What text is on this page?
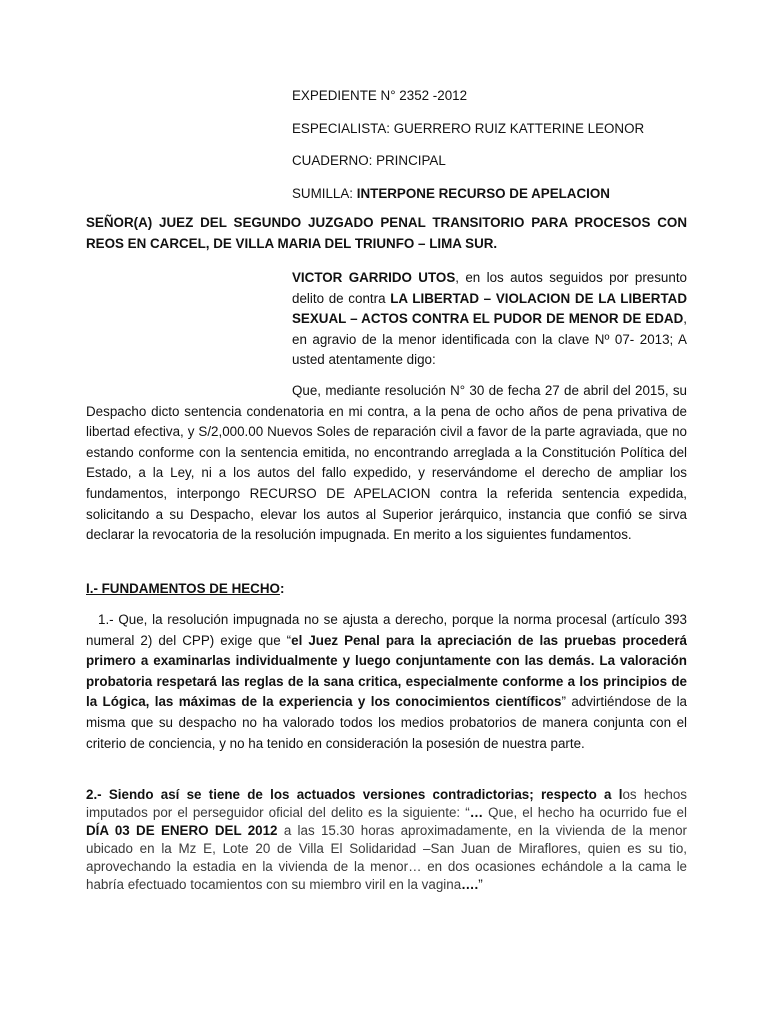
EXPEDIENTE N° 2352 -2012
ESPECIALISTA: GUERRERO RUIZ KATTERINE LEONOR
CUADERNO: PRINCIPAL
SUMILLA: INTERPONE RECURSO DE APELACION
SEÑOR(A) JUEZ DEL SEGUNDO JUZGADO PENAL TRANSITORIO PARA PROCESOS CON REOS EN CARCEL, DE VILLA MARIA DEL TRIUNFO – LIMA SUR.
VICTOR GARRIDO UTOS, en los autos seguidos por presunto delito de contra LA LIBERTAD – VIOLACION DE LA LIBERTAD SEXUAL – ACTOS CONTRA EL PUDOR DE MENOR DE EDAD, en agravio de la menor identificada con la clave Nº 07- 2013; A usted atentamente digo:
Que, mediante resolución N° 30 de fecha 27 de abril del 2015, su Despacho dicto sentencia condenatoria en mi contra, a la pena de ocho años de pena privativa de libertad efectiva, y S/2,000.00 Nuevos Soles de reparación civil a favor de la parte agraviada, que no estando conforme con la sentencia emitida, no encontrando arreglada a la Constitución Política del Estado, a la Ley, ni a los autos del fallo expedido, y reservándome el derecho de ampliar los fundamentos, interpongo RECURSO DE APELACION contra la referida sentencia expedida, solicitando a su Despacho, elevar los autos al Superior jerárquico, instancia que confió se sirva declarar la revocatoria de la resolución impugnada. En merito a los siguientes fundamentos.
I.- FUNDAMENTOS DE HECHO:
1.- Que, la resolución impugnada no se ajusta a derecho, porque la norma procesal (artículo 393 numeral 2) del CPP) exige que “el Juez Penal para la apreciación de las pruebas procederá primero a examinarlas individualmente y luego conjuntamente con las demás. La valoración probatoria respetará las reglas de la sana critica, especialmente conforme a los principios de la Lógica, las máximas de la experiencia y los conocimientos científicos” advirtiéndose de la misma que su despacho no ha valorado todos los medios probatorios de manera conjunta con el criterio de conciencia, y no ha tenido en consideración la posesión de nuestra parte.
2.- Siendo así se tiene de los actuados versiones contradictorias; respecto a los hechos imputados por el perseguidor oficial del delito es la siguiente: “… Que, el hecho ha ocurrido fue el DÍA 03 DE ENERO DEL 2012 a las 15.30 horas aproximadamente, en la vivienda de la menor ubicado en la Mz E, Lote 20 de Villa El Solidaridad –San Juan de Miraflores, quien es su tio, aprovechando la estadia en la vivienda de la menor… en dos ocasiones echándole a la cama le habría efectuado tocamientos con su miembro viril en la vagina….”
